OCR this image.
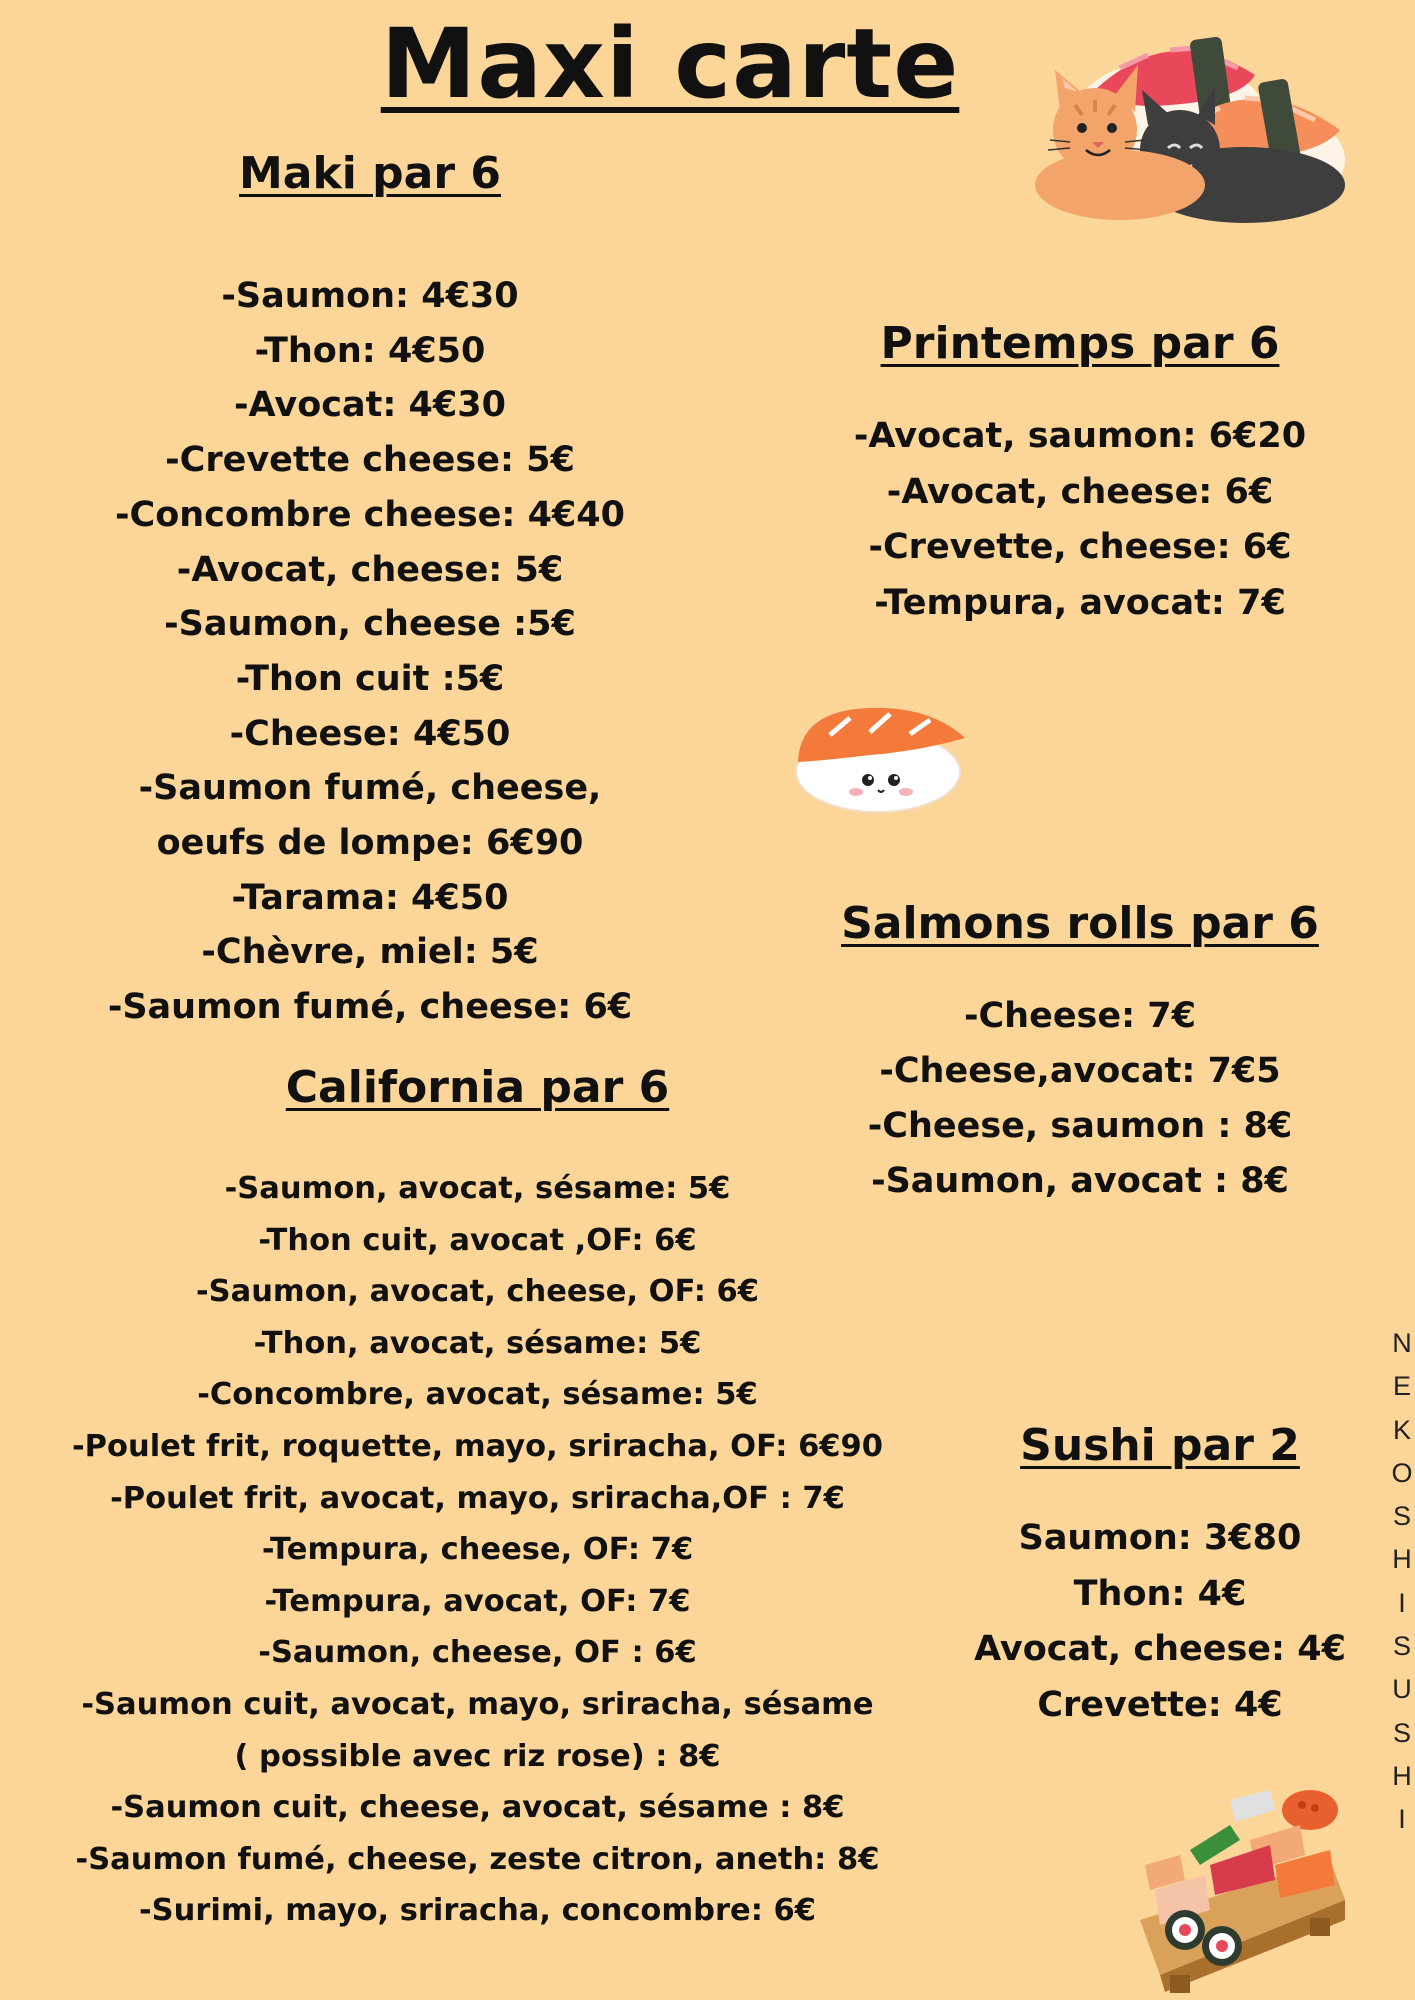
Maxi carte
Maki par 6
-Saumon: 4€30
-Thon: 4€50
-Avocat: 4€30
-Crevette cheese: 5€
-Concombre cheese: 4€40
-Avocat, cheese: 5€
-Saumon, cheese :5€
-Thon cuit :5€
-Cheese: 4€50
-Saumon fumé, cheese, oeufs de lompe: 6€90
-Tarama: 4€50
-Chèvre, miel: 5€
-Saumon fumé, cheese: 6€
Printemps par 6
-Avocat, saumon: 6€20
-Avocat, cheese: 6€
-Crevette, cheese: 6€
-Tempura, avocat: 7€
Salmons rolls par 6
-Cheese: 7€
-Cheese,avocat: 7€5
-Cheese, saumon : 8€
-Saumon, avocat : 8€
California par 6
-Saumon, avocat, sésame: 5€
-Thon cuit, avocat ,OF: 6€
-Saumon, avocat, cheese, OF: 6€
-Thon, avocat, sésame: 5€
-Concombre, avocat, sésame: 5€
-Poulet frit, roquette, mayo, sriracha, OF: 6€90
-Poulet frit, avocat, mayo, sriracha,OF : 7€
-Tempura, cheese, OF: 7€
-Tempura, avocat, OF: 7€
-Saumon, cheese, OF : 6€
-Saumon cuit, avocat, mayo, sriracha, sésame
( possible avec riz rose) : 8€
-Saumon cuit, cheese, avocat, sésame : 8€
-Saumon fumé, cheese, zeste citron, aneth: 8€
-Surimi, mayo, sriracha, concombre: 6€
Sushi par 2
Saumon: 3€80
Thon: 4€
Avocat, cheese: 4€
Crevette: 4€
N
E
K
O
S
H
I
S
U
S
H
I
